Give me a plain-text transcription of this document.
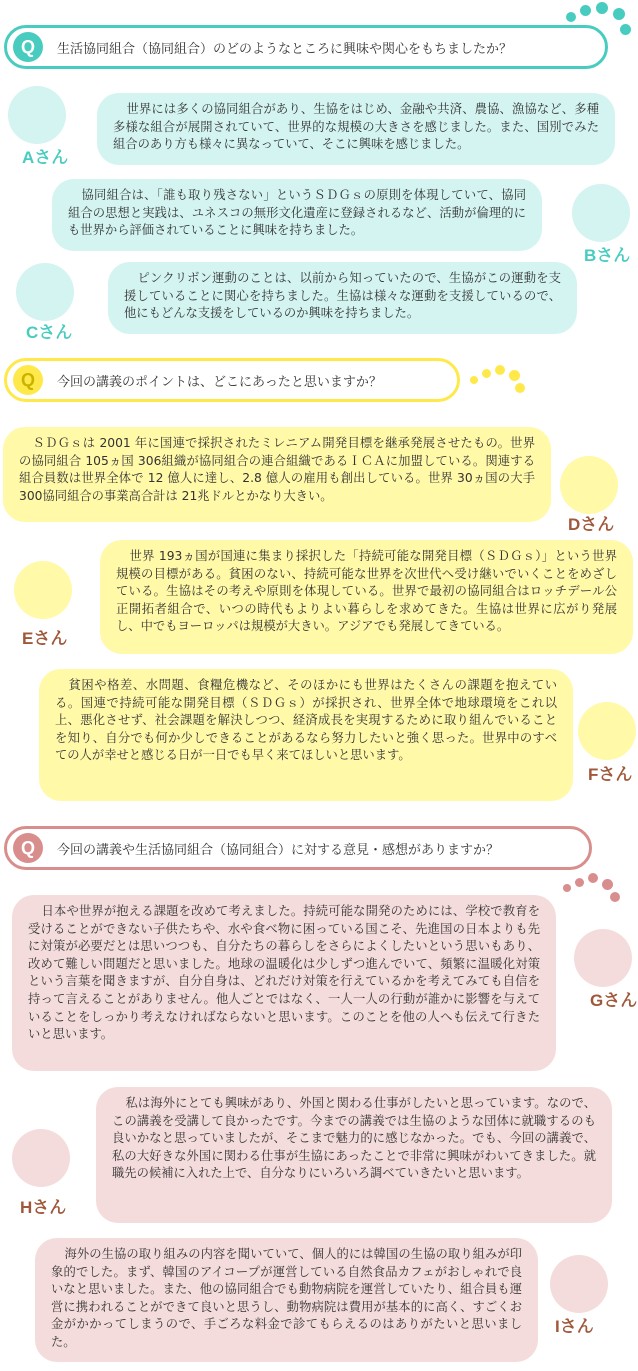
Q	生活協同組合（協同組合）のどのようなところに興味や関心をもちましたか？
Aさん
世界には多くの協同組合があり、生協をはじめ、金融や共済、農協、漁協など、多種多様な組合が展開されていて、世界的な規模の大きさを感じました。また、国別でみた組合のあり方も様々に異なっていて、そこに興味を感じました。
Bさん
協同組合は、「誰も取り残さない」というＳＤＧｓの原則を体現していて、協同組合の思想と実践は、ユネスコの無形文化遺産に登録されるなど、活動が倫理的にも世界から評価されていることに興味を持ちました。
Cさん
ピンクリボン運動のことは、以前から知っていたので、生協がこの運動を支援していることに関心を持ちました。生協は様々な運動を支援しているので、他にもどんな支援をしているのか興味を持ちました。
Q	今回の講義のポイントは、どこにあったと思いますか？
ＳＤＧｓは 2001 年に国連で採択されたミレニアム開発目標を継承発展させたもの。世界の協同組合 105ヵ国 306組織が協同組合の連合組織であるＩＣＡに加盟している。関連する組合員数は世界全体で 12 億人に達し、2.8 億人の雇用も創出している。世界 30ヵ国の大手 300協同組合の事業高合計は 21兆ドルとかなり大きい。
Dさん
Eさん
世界 193ヵ国が国連に集まり採択した「持続可能な開発目標（ＳＤＧｓ）」という世界規模の目標がある。貧困のない、持続可能な世界を次世代へ受け継いでいくことをめざしている。生協はその考えや原則を体現している。世界で最初の協同組合はロッチデール公正開拓者組合で、いつの時代もよりよい暮らしを求めてきた。生協は世界に広がり発展し、中でもヨーロッパは規模が大きい。アジアでも発展してきている。
貧困や格差、水問題、食糧危機など、そのほかにも世界はたくさんの課題を抱えている。国連で持続可能な開発目標（ＳＤＧｓ）が採択され、世界全体で地球環境をこれ以上、悪化させず、社会課題を解決しつつ、経済成長を実現するために取り組んでいることを知り、自分でも何か少しできることがあるなら努力したいと強く思った。世界中のすべての人が幸せと感じる日が一日でも早く来てほしいと思います。
Fさん
Q	今回の講義や生活協同組合（協同組合）に対する意見・感想がありますか？
日本や世界が抱える課題を改めて考えました。持続可能な開発のためには、学校で教育を受けることができない子供たちや、水や食べ物に困っている国こそ、先進国の日本よりも先に対策が必要だとは思いつつも、自分たちの暮らしをさらによくしたいという思いもあり、改めて難しい問題だと思いました。地球の温暖化は少しずつ進んでいて、頻繁に温暖化対策という言葉を聞きますが、自分自身は、どれだけ対策を行えているかを考えてみても自信を持って言えることがありません。他人ごとではなく、一人一人の行動が誰かに影響を与えていることをしっかり考えなければならないと思います。このことを他の人へも伝えて行きたいと思います。
Gさん
Hさん
私は海外にとても興味があり、外国と関わる仕事がしたいと思っています。なので、この講義を受講して良かったです。今までの講義では生協のような団体に就職するのも良いかなと思っていましたが、そこまで魅力的に感じなかった。でも、今回の講義で、私の大好きな外国に関わる仕事が生協にあったことで非常に興味がわいてきました。就職先の候補に入れた上で、自分なりにいろいろ調べていきたいと思います。
海外の生協の取り組みの内容を聞いていて、個人的には韓国の生協の取り組みが印象的でした。まず、韓国のアイコープが運営している自然食品カフェがおしゃれで良いなと思いました。また、他の協同組合でも動物病院を運営していたり、組合員も運営に携われることができて良いと思うし、動物病院は費用が基本的に高く、すごくお金がかかってしまうので、手ごろな料金で診てもらえるのはありがたいと思いました。
Iさん
